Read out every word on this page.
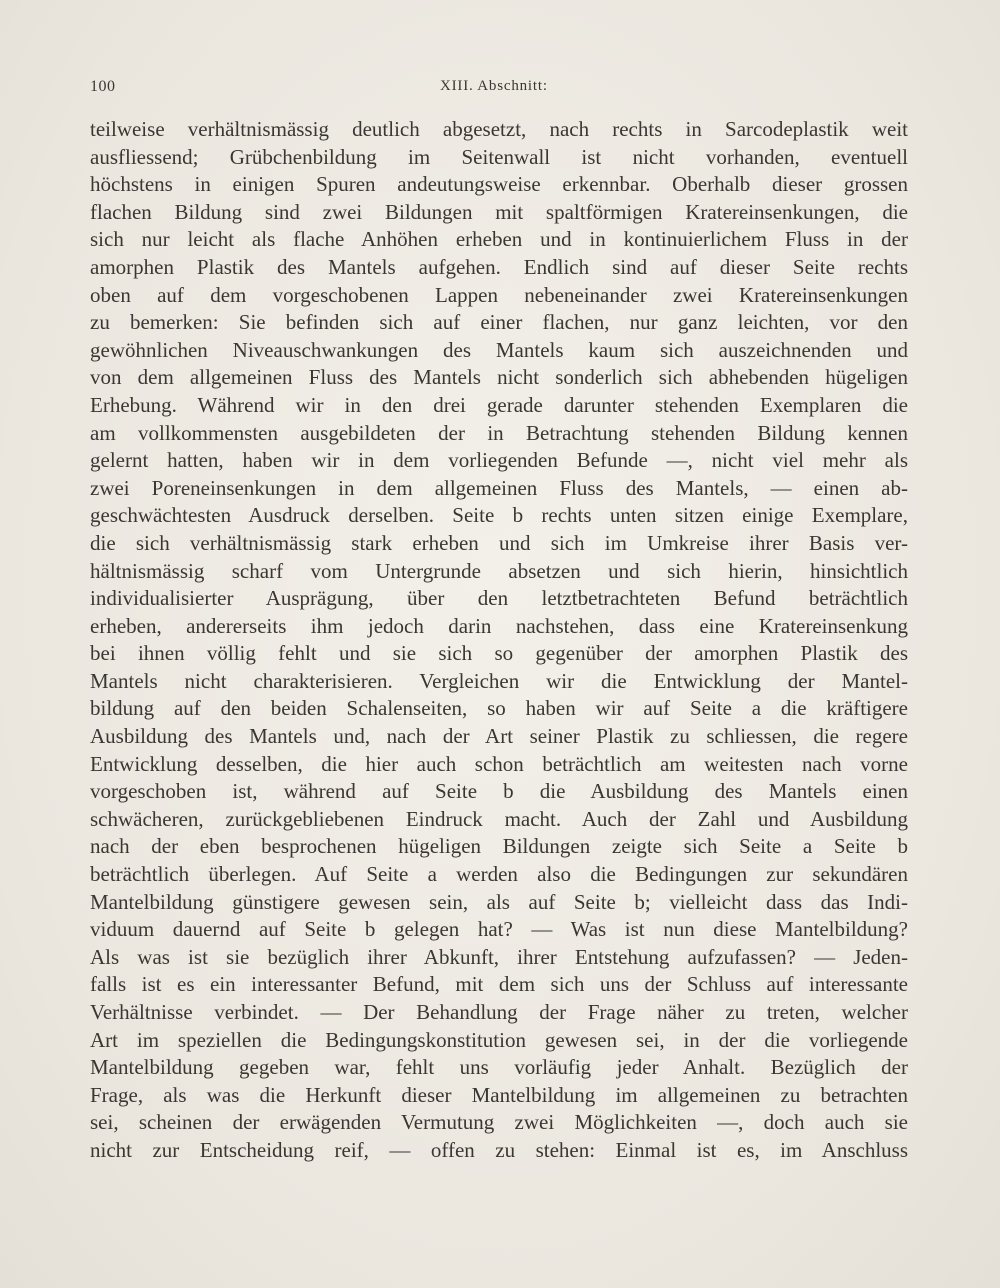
100	XIII. Abschnitt:
teilweise verhältnismässig deutlich abgesetzt, nach rechts in Sarcodeplastik weit
ausfliessend; Grübchenbildung im Seitenwall ist nicht vorhanden, eventuell
höchstens in einigen Spuren andeutungsweise erkennbar. Oberhalb dieser grossen
flachen Bildung sind zwei Bildungen mit spaltförmigen Kratereinsenkungen, die
sich nur leicht als flache Anhöhen erheben und in kontinuierlichem Fluss in der
amorphen Plastik des Mantels aufgehen. Endlich sind auf dieser Seite rechts
oben auf dem vorgeschobenen Lappen nebeneinander zwei Kratereinsenkungen
zu bemerken: Sie befinden sich auf einer flachen, nur ganz leichten, vor den
gewöhnlichen Niveauschwankungen des Mantels kaum sich auszeichnenden und
von dem allgemeinen Fluss des Mantels nicht sonderlich sich abhebenden hügeligen
Erhebung. Während wir in den drei gerade darunter stehenden Exemplaren die
am vollkommensten ausgebildeten der in Betrachtung stehenden Bildung kennen
gelernt hatten, haben wir in dem vorliegenden Befunde —, nicht viel mehr als
zwei Poreneinsenkungen in dem allgemeinen Fluss des Mantels, — einen ab-
geschwächtesten Ausdruck derselben. Seite b rechts unten sitzen einige Exemplare,
die sich verhältnismässig stark erheben und sich im Umkreise ihrer Basis ver-
hältnismässig scharf vom Untergrunde absetzen und sich hierin, hinsichtlich
individualisierter Ausprägung, über den letztbetrachteten Befund beträchtlich
erheben, andererseits ihm jedoch darin nachstehen, dass eine Kratereinsenkung
bei ihnen völlig fehlt und sie sich so gegenüber der amorphen Plastik des
Mantels nicht charakterisieren. Vergleichen wir die Entwicklung der Mantel-
bildung auf den beiden Schalenseiten, so haben wir auf Seite a die kräftigere
Ausbildung des Mantels und, nach der Art seiner Plastik zu schliessen, die regere
Entwicklung desselben, die hier auch schon beträchtlich am weitesten nach vorne
vorgeschoben ist, während auf Seite b die Ausbildung des Mantels einen
schwächeren, zurückgebliebenen Eindruck macht. Auch der Zahl und Ausbildung
nach der eben besprochenen hügeligen Bildungen zeigte sich Seite a Seite b
beträchtlich überlegen. Auf Seite a werden also die Bedingungen zur sekundären
Mantelbildung günstigere gewesen sein, als auf Seite b; vielleicht dass das Indi-
viduum dauernd auf Seite b gelegen hat? — Was ist nun diese Mantelbildung?
Als was ist sie bezüglich ihrer Abkunft, ihrer Entstehung aufzufassen? — Jeden-
falls ist es ein interessanter Befund, mit dem sich uns der Schluss auf interessante
Verhältnisse verbindet. — Der Behandlung der Frage näher zu treten, welcher
Art im speziellen die Bedingungskonstitution gewesen sei, in der die vorliegende
Mantelbildung gegeben war, fehlt uns vorläufig jeder Anhalt. Bezüglich der
Frage, als was die Herkunft dieser Mantelbildung im allgemeinen zu betrachten
sei, scheinen der erwägenden Vermutung zwei Möglichkeiten —, doch auch sie
nicht zur Entscheidung reif, — offen zu stehen: Einmal ist es, im Anschluss
